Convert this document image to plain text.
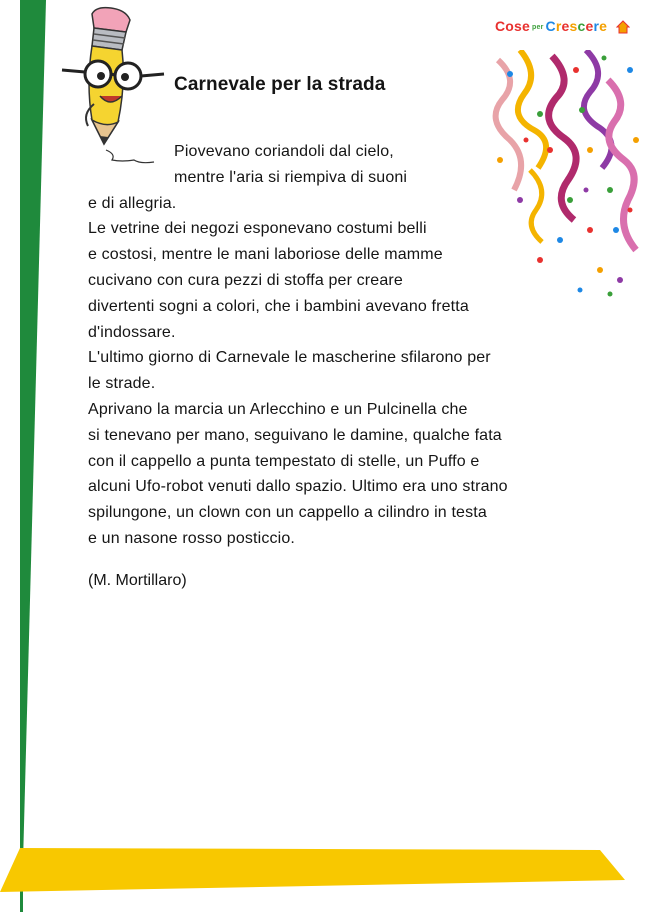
Cose per Crescere
Carnevale per la strada
Piovevano coriandoli dal cielo,
mentre l'aria si riempiva di suoni
e di allegria.
Le vetrine dei negozi esponevano costumi belli
e costosi, mentre le mani laboriose delle mamme
cucivano con cura pezzi di stoffa per creare
divertenti sogni a colori, che i bambini avevano fretta
d'indossare.
L'ultimo giorno di Carnevale le mascherine sfilarono per
le strade.
Aprivano la marcia un Arlecchino e un Pulcinella che
si tenevano per mano, seguivano le damine, qualche fata
con il cappello a punta tempestato di stelle, un Puffo e
alcuni Ufo-robot venuti dallo spazio. Ultimo era uno strano
spilungone, un clown con un cappello a cilindro in testa
e un nasone rosso posticcio.
(M. Mortillaro)
